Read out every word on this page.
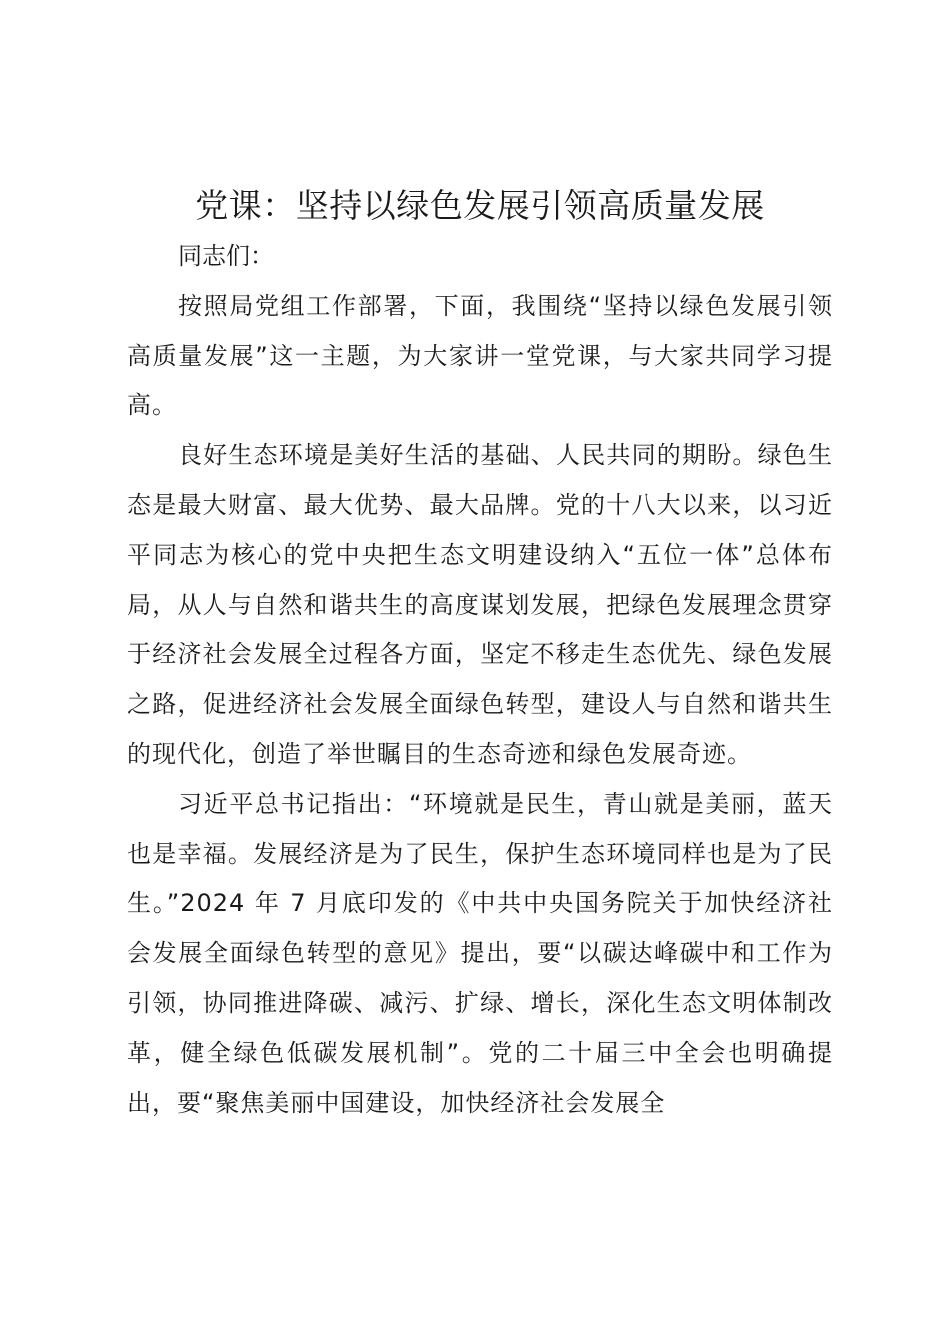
党课：坚持以绿色发展引领高质量发展

同志们：

按照局党组工作部署，下面，我围绕“坚持以绿色发展引领高质量发展”这一主题，为大家讲一堂党课，与大家共同学习提高。

良好生态环境是美好生活的基础、人民共同的期盼。绿色生态是最大财富、最大优势、最大品牌。党的十八大以来，以习近平同志为核心的党中央把生态文明建设纳入“五位一体”总体布局，从人与自然和谐共生的高度谋划发展，把绿色发展理念贯穿于经济社会发展全过程各方面，坚定不移走生态优先、绿色发展之路，促进经济社会发展全面绿色转型，建设人与自然和谐共生的现代化，创造了举世瞩目的生态奇迹和绿色发展奇迹。

习近平总书记指出：“环境就是民生，青山就是美丽，蓝天也是幸福。发展经济是为了民生，保护生态环境同样也是为了民生。”2024 年 7 月底印发的《中共中央国务院关于加快经济社会发展全面绿色转型的意见》提出，要“以碳达峰碳中和工作为引领，协同推进降碳、减污、扩绿、增长，深化生态文明体制改革，健全绿色低碳发展机制”。党的二十届三中全会也明确提出，要“聚焦美丽中国建设，加快经济社会发展全
